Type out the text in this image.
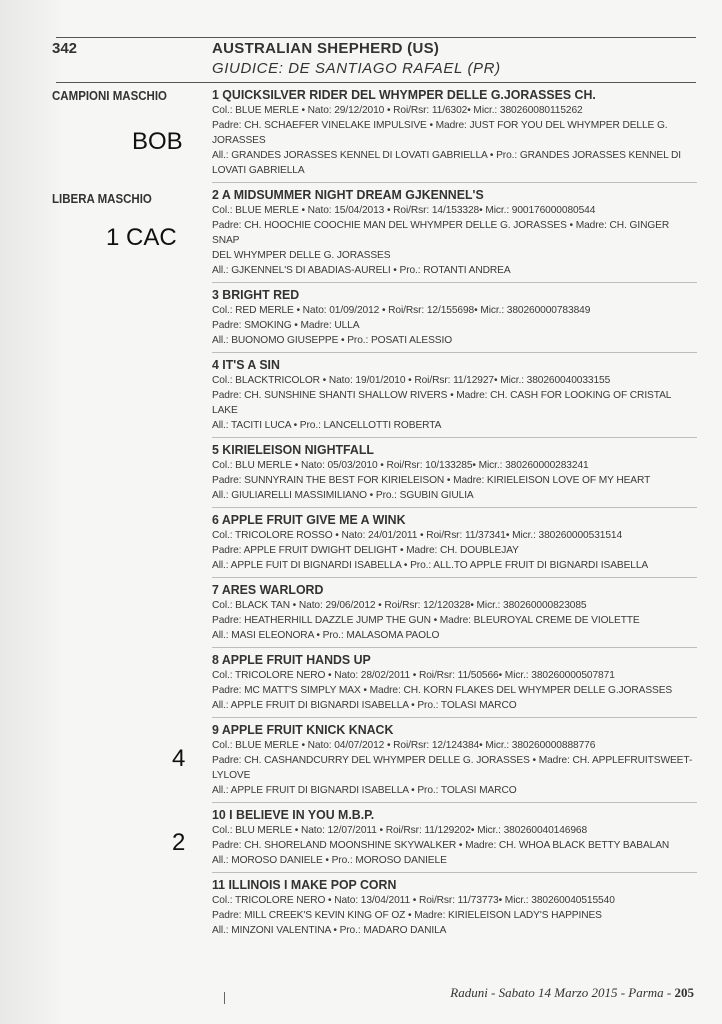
342	AUSTRALIAN SHEPHERD (US)
GIUDICE: DE SANTIAGO RAFAEL (PR)
CAMPIONI MASCHIO
LIBERA MASCHIO
BOB
1 CAC
4
2
1 QUICKSILVER RIDER DEL WHYMPER DELLE G.JORASSES CH.
Col.: BLUE MERLE • Nato: 29/12/2010 • Roi/Rsr: 11/6302• Micr.: 380260080115262
Padre: CH. SCHAEFER VINELAKE IMPULSIVE • Madre: JUST FOR YOU DEL WHYMPER DELLE G.
JORASSES
All.: GRANDES JORASSES KENNEL DI LOVATI GABRIELLA • Pro.: GRANDES JORASSES KENNEL DI
LOVATI GABRIELLA
2 A MIDSUMMER NIGHT DREAM GJKENNEL'S
Col.: BLUE MERLE • Nato: 15/04/2013 • Roi/Rsr: 14/153328• Micr.: 900176000080544
Padre: CH. HOOCHIE COOCHIE MAN DEL WHYMPER DELLE G. JORASSES • Madre: CH. GINGER SNAP
DEL WHYMPER DELLE G. JORASSES
All.: GJKENNEL'S DI ABADIAS-AURELI • Pro.: ROTANTI ANDREA
3 BRIGHT RED
Col.: RED MERLE • Nato: 01/09/2012 • Roi/Rsr: 12/155698• Micr.: 380260000783849
Padre: SMOKING • Madre: ULLA
All.: BUONOMO GIUSEPPE • Pro.: POSATI ALESSIO
4 IT'S A SIN
Col.: BLACKTRICOLOR • Nato: 19/01/2010 • Roi/Rsr: 11/12927• Micr.: 380260040033155
Padre: CH. SUNSHINE SHANTI SHALLOW RIVERS • Madre: CH. CASH FOR LOOKING OF CRISTAL LAKE
All.: TACITI LUCA • Pro.: LANCELLOTTI ROBERTA
5 KIRIELEISON NIGHTFALL
Col.: BLU MERLE • Nato: 05/03/2010 • Roi/Rsr: 10/133285• Micr.: 380260000283241
Padre: SUNNYRAIN THE BEST FOR KIRIELEISON • Madre: KIRIELEISON LOVE OF MY HEART
All.: GIULIARELLI MASSIMILIANO • Pro.: SGUBIN GIULIA
6 APPLE FRUIT GIVE ME A WINK
Col.: TRICOLORE ROSSO • Nato: 24/01/2011 • Roi/Rsr: 11/37341• Micr.: 380260000531514
Padre: APPLE FRUIT DWIGHT DELIGHT • Madre: CH. DOUBLEJAY
All.: APPLE FUIT DI BIGNARDI ISABELLA • Pro.: ALL.TO APPLE FRUIT DI BIGNARDI ISABELLA
7 ARES WARLORD
Col.: BLACK TAN • Nato: 29/06/2012 • Roi/Rsr: 12/120328• Micr.: 380260000823085
Padre: HEATHERHILL DAZZLE JUMP THE GUN • Madre: BLEUROYAL CREME DE VIOLETTE
All.: MASI ELEONORA • Pro.: MALASOMA PAOLO
8 APPLE FRUIT HANDS UP
Col.: TRICOLORE NERO • Nato: 28/02/2011 • Roi/Rsr: 11/50566• Micr.: 380260000507871
Padre: MC MATT'S SIMPLY MAX • Madre: CH. KORN FLAKES DEL WHYMPER DELLE G.JORASSES
All.: APPLE FRUIT DI BIGNARDI ISABELLA • Pro.: TOLASI MARCO
9 APPLE FRUIT KNICK KNACK
Col.: BLUE MERLE • Nato: 04/07/2012 • Roi/Rsr: 12/124384• Micr.: 380260000888776
Padre: CH. CASHANDCURRY DEL WHYMPER DELLE G. JORASSES • Madre: CH. APPLEFRUITSWEET-
LYLOVE
All.: APPLE FRUIT DI BIGNARDI ISABELLA • Pro.: TOLASI MARCO
10 I BELIEVE IN YOU M.B.P.
Col.: BLU MERLE • Nato: 12/07/2011 • Roi/Rsr: 11/129202• Micr.: 380260040146968
Padre: CH. SHORELAND MOONSHINE SKYWALKER • Madre: CH. WHOA BLACK BETTY BABALAN
All.: MOROSO DANIELE • Pro.: MOROSO DANIELE
11 ILLINOIS I MAKE POP CORN
Col.: TRICOLORE NERO • Nato: 13/04/2011 • Roi/Rsr: 11/73773• Micr.: 380260040515540
Padre: MILL CREEK'S KEVIN KING OF OZ • Madre: KIRIELEISON LADY'S HAPPINES
All.: MINZONI VALENTINA • Pro.: MADARO DANILA
Raduni - Sabato 14 Marzo 2015 - Parma - 205
